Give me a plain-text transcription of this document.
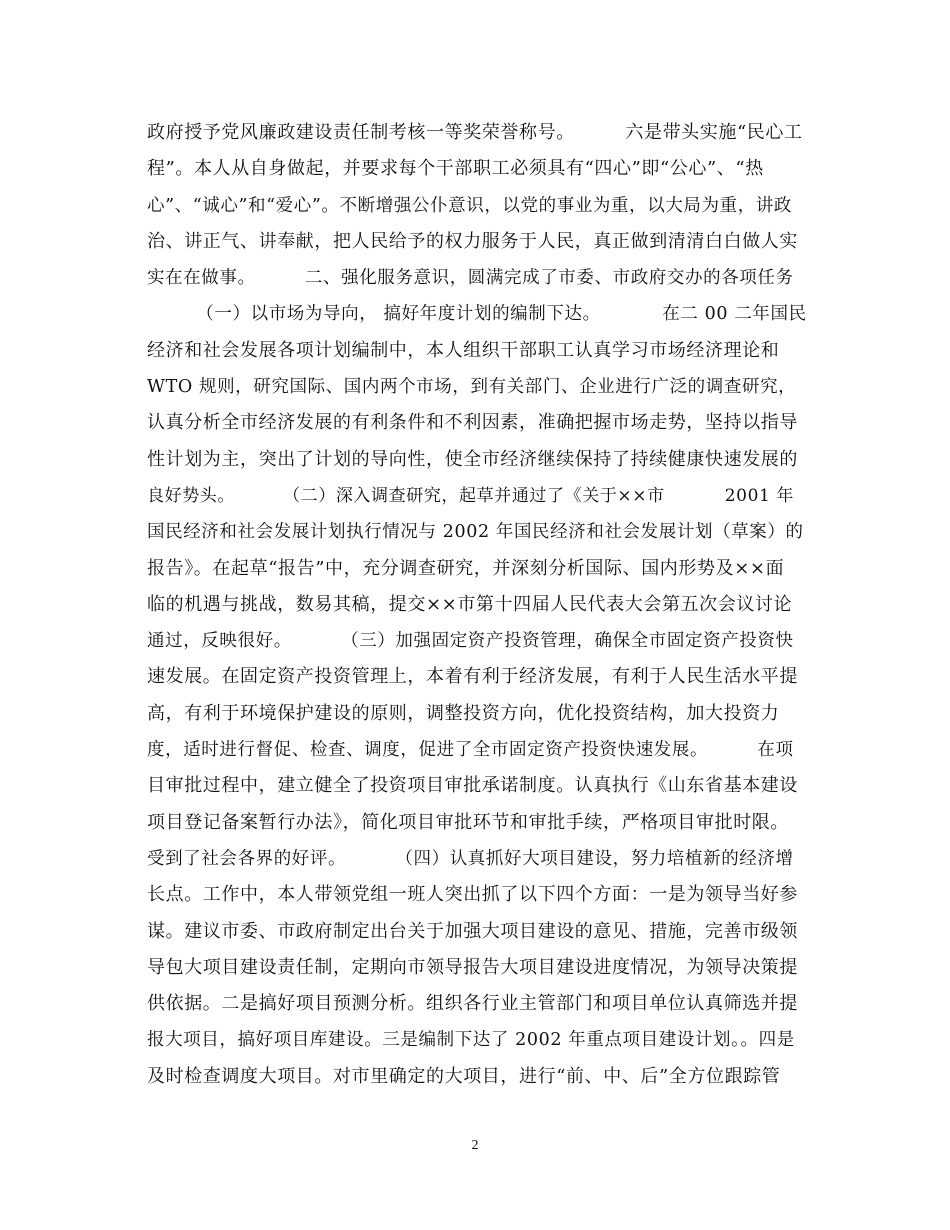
政府授予党风廉政建设责任制考核一等奖荣誉称号。        六是带头实施“民心工
程”。本人从自身做起，并要求每个干部职工必须具有“四心”即“公心”、“热
心”、“诚心”和“爱心”。不断增强公仆意识，以党的事业为重，以大局为重，讲政
治、讲正气、讲奉献，把人民给予的权力服务于人民，真正做到清清白白做人实
实在在做事。        二、强化服务意识，圆满完成了市委、市政府交办的各项任务
（一）以市场为导向， 搞好年度计划的编制下达。          在二 00 二年国民
经济和社会发展各项计划编制中，本人组织干部职工认真学习市场经济理论和
WTO 规则，研究国际、国内两个市场，到有关部门、企业进行广泛的调查研究，
认真分析全市经济发展的有利条件和不利因素，准确把握市场走势，坚持以指导
性计划为主，突出了计划的导向性，使全市经济继续保持了持续健康快速发展的
良好势头。        （二）深入调查研究，起草并通过了《关于××市          2001 年
国民经济和社会发展计划执行情况与 2002 年国民经济和社会发展计划（草案）的
报告》。在起草“报告”中，充分调查研究，并深刻分析国际、国内形势及××面
临的机遇与挑战，数易其稿，提交××市第十四届人民代表大会第五次会议讨论
通过，反映很好。        （三）加强固定资产投资管理，确保全市固定资产投资快
速发展。在固定资产投资管理上，本着有利于经济发展，有利于人民生活水平提
高，有利于环境保护建设的原则，调整投资方向，优化投资结构，加大投资力
度，适时进行督促、检查、调度，促进了全市固定资产投资快速发展。        在项
目审批过程中，建立健全了投资项目审批承诺制度。认真执行《山东省基本建设
项目登记备案暂行办法》，简化项目审批环节和审批手续，严格项目审批时限。
受到了社会各界的好评。        （四）认真抓好大项目建设，努力培植新的经济增
长点。工作中，本人带领党组一班人突出抓了以下四个方面：一是为领导当好参
谋。建议市委、市政府制定出台关于加强大项目建设的意见、措施，完善市级领
导包大项目建设责任制，定期向市领导报告大项目建设进度情况，为领导决策提
供依据。二是搞好项目预测分析。组织各行业主管部门和项目单位认真筛选并提
报大项目，搞好项目库建设。三是编制下达了 2002 年重点项目建设计划。。四是
及时检查调度大项目。对市里确定的大项目，进行“前、中、后”全方位跟踪管
2
